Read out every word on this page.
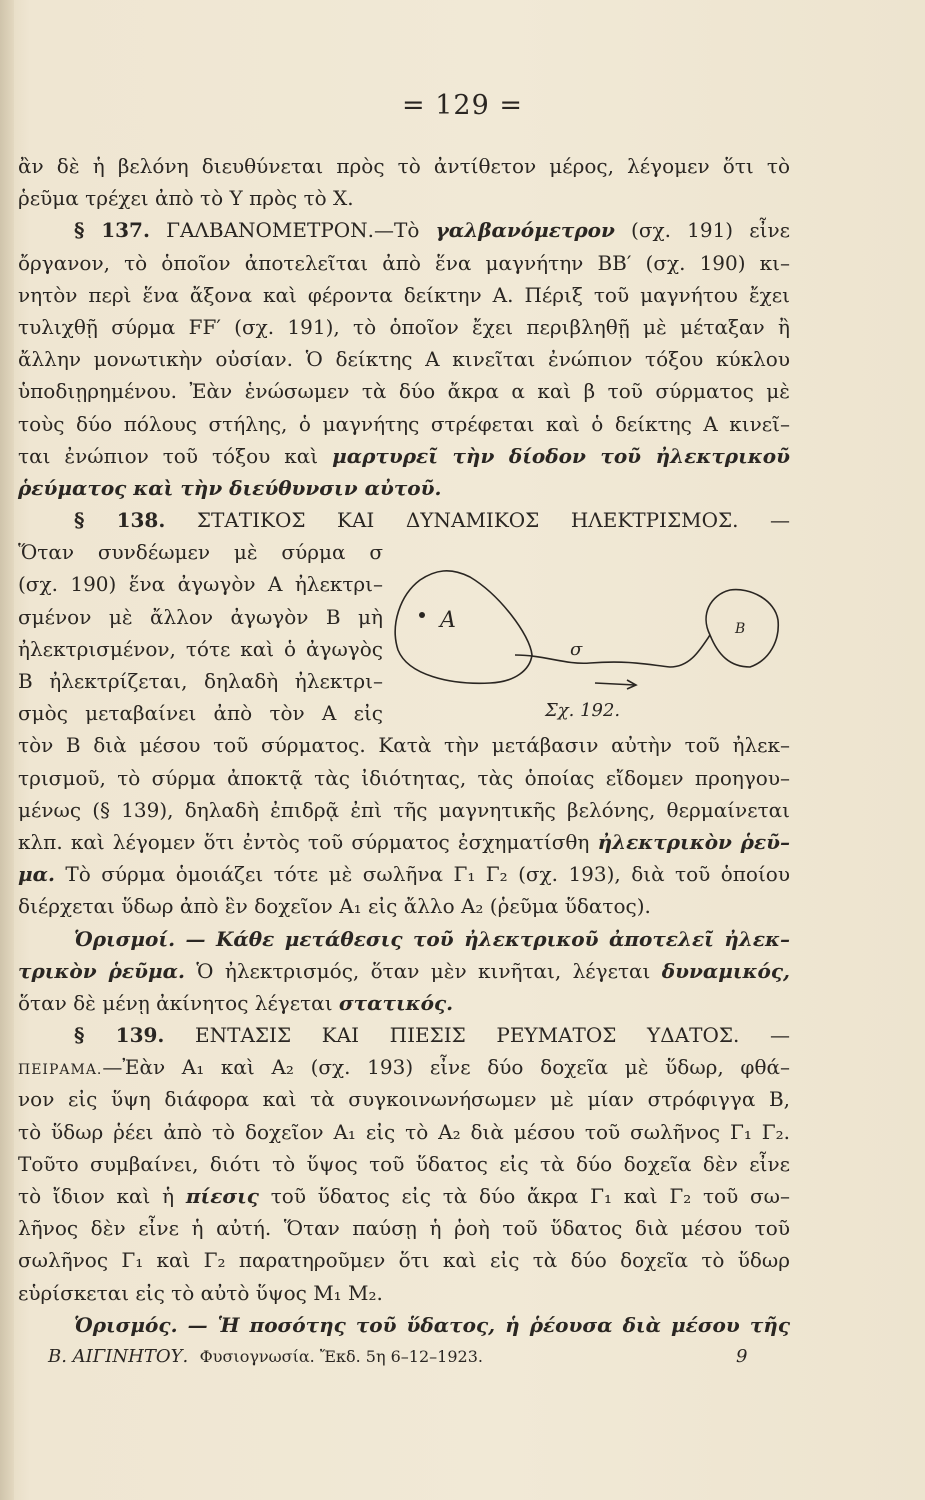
= 129 =
ἂν δὲ ἡ βελόνη διευθύνεται πρὸς τὸ ἀντίθετον μέρος, λέγομεν ὅτι τὸ
ῥεῦμα τρέχει ἀπὸ τὸ Υ πρὸς τὸ Χ.
§ 137. ΓΑΛΒΑΝΟΜΕΤΡΟΝ.—Τὸ γαλβανόμετρον (σχ. 191) εἶνε
ὄργανον, τὸ ὁποῖον ἀποτελεῖται ἀπὸ ἕνα μαγνήτην ΒΒ′ (σχ. 190) κι–
νητὸν περὶ ἕνα ἄξονα καὶ φέροντα δείκτην Α. Πέριξ τοῦ μαγνήτου ἔχει
τυλιχθῇ σύρμα FF′ (σχ. 191), τὸ ὁποῖον ἔχει περιβληθῇ μὲ μέταξαν ἢ
ἄλλην μονωτικὴν οὐσίαν. Ὁ δείκτης Α κινεῖται ἐνώπιον τόξου κύκλου
ὑποδιῃρημένου. Ἐὰν ἑνώσωμεν τὰ δύο ἄκρα α καὶ β τοῦ σύρματος μὲ
τοὺς δύο πόλους στήλης, ὁ μαγνήτης στρέφεται καὶ ὁ δείκτης Α κινεῖ–
ται ἐνώπιον τοῦ τόξου καὶ μαρτυρεῖ τὴν δίοδον τοῦ ἠλεκτρικοῦ
ῥεύματος καὶ τὴν διεύθυνσιν αὐτοῦ.
§ 138. ΣΤΑΤΙΚΟΣ ΚΑΙ ΔΥΝΑΜΙΚΟΣ ΗΛΕΚΤΡΙΣΜΟΣ. —
Ὅταν συνδέωμεν μὲ σύρμα σ
(σχ. 190) ἕνα ἀγωγὸν Α ἠλεκτρι–
σμένον μὲ ἄλλον ἀγωγὸν Β μὴ
ἠλεκτρισμένον, τότε καὶ ὁ ἀγωγὸς
Β ἠλεκτρίζεται, δηλαδὴ ἠλεκτρι–
σμὸς μεταβαίνει ἀπὸ τὸν Α εἰς
τὸν Β διὰ μέσου τοῦ σύρματος. Κατὰ τὴν μετάβασιν αὐτὴν τοῦ ἠλεκ–
τρισμοῦ, τὸ σύρμα ἀποκτᾷ τὰς ἰδιότητας, τὰς ὁποίας εἴδομεν προηγου–
μένως (§ 139), δηλαδὴ ἐπιδρᾷ ἐπὶ τῆς μαγνητικῆς βελόνης, θερμαίνεται
κλπ. καὶ λέγομεν ὅτι ἐντὸς τοῦ σύρματος ἐσχηματίσθη ἠλεκτρικὸν ῥεῦ–
μα. Τὸ σύρμα ὁμοιάζει τότε μὲ σωλῆνα Γ₁ Γ₂ (σχ. 193), διὰ τοῦ ὁποίου
διέρχεται ὕδωρ ἀπὸ ἓν δοχεῖον Α₁ εἰς ἄλλο Α₂ (ῥεῦμα ὕδατος).
Ὁρισμοί. — Κάθε μετάθεσις τοῦ ἠλεκτρικοῦ ἀποτελεῖ ἠλεκ–
τρικὸν ῥεῦμα. Ὁ ἠλεκτρισμός, ὅταν μὲν κινῆται, λέγεται δυναμικός,
ὅταν δὲ μένῃ ἀκίνητος λέγεται στατικός.
§ 139. ΕΝΤΑΣΙΣ ΚΑΙ ΠΙΕΣΙΣ ΡΕΥΜΑΤΟΣ ΥΔΑΤΟΣ. —
ΠΕΙΡΑΜΑ.—Ἐὰν Α₁ καὶ Α₂ (σχ. 193) εἶνε δύο δοχεῖα μὲ ὕδωρ, φθά–
νον εἰς ὕψη διάφορα καὶ τὰ συγκοινωνήσωμεν μὲ μίαν στρόφιγγα Β,
τὸ ὕδωρ ῥέει ἀπὸ τὸ δοχεῖον Α₁ εἰς τὸ Α₂ διὰ μέσου τοῦ σωλῆνος Γ₁ Γ₂.
Τοῦτο συμβαίνει, διότι τὸ ὕψος τοῦ ὕδατος εἰς τὰ δύο δοχεῖα δὲν εἶνε
τὸ ἴδιον καὶ ἡ πίεσις τοῦ ὕδατος εἰς τὰ δύο ἄκρα Γ₁ καὶ Γ₂ τοῦ σω–
λῆνος δὲν εἶνε ἡ αὐτή. Ὅταν παύσῃ ἡ ῥοὴ τοῦ ὕδατος διὰ μέσου τοῦ
σωλῆνος Γ₁ καὶ Γ₂ παρατηροῦμεν ὅτι καὶ εἰς τὰ δύο δοχεῖα τὸ ὕδωρ
εὑρίσκεται εἰς τὸ αὐτὸ ὕψος Μ₁ Μ₂.
Ὁρισμός. — Ἡ ποσότης τοῦ ὕδατος, ἡ ῥέουσα διὰ μέσου τῆς
Β. ΑΙΓΙΝΗΤΟΥ. Φυσιογνωσία. Ἔκδ. 5η 6–12–1923.	9
Α	Β
σ
Σχ. 192.
